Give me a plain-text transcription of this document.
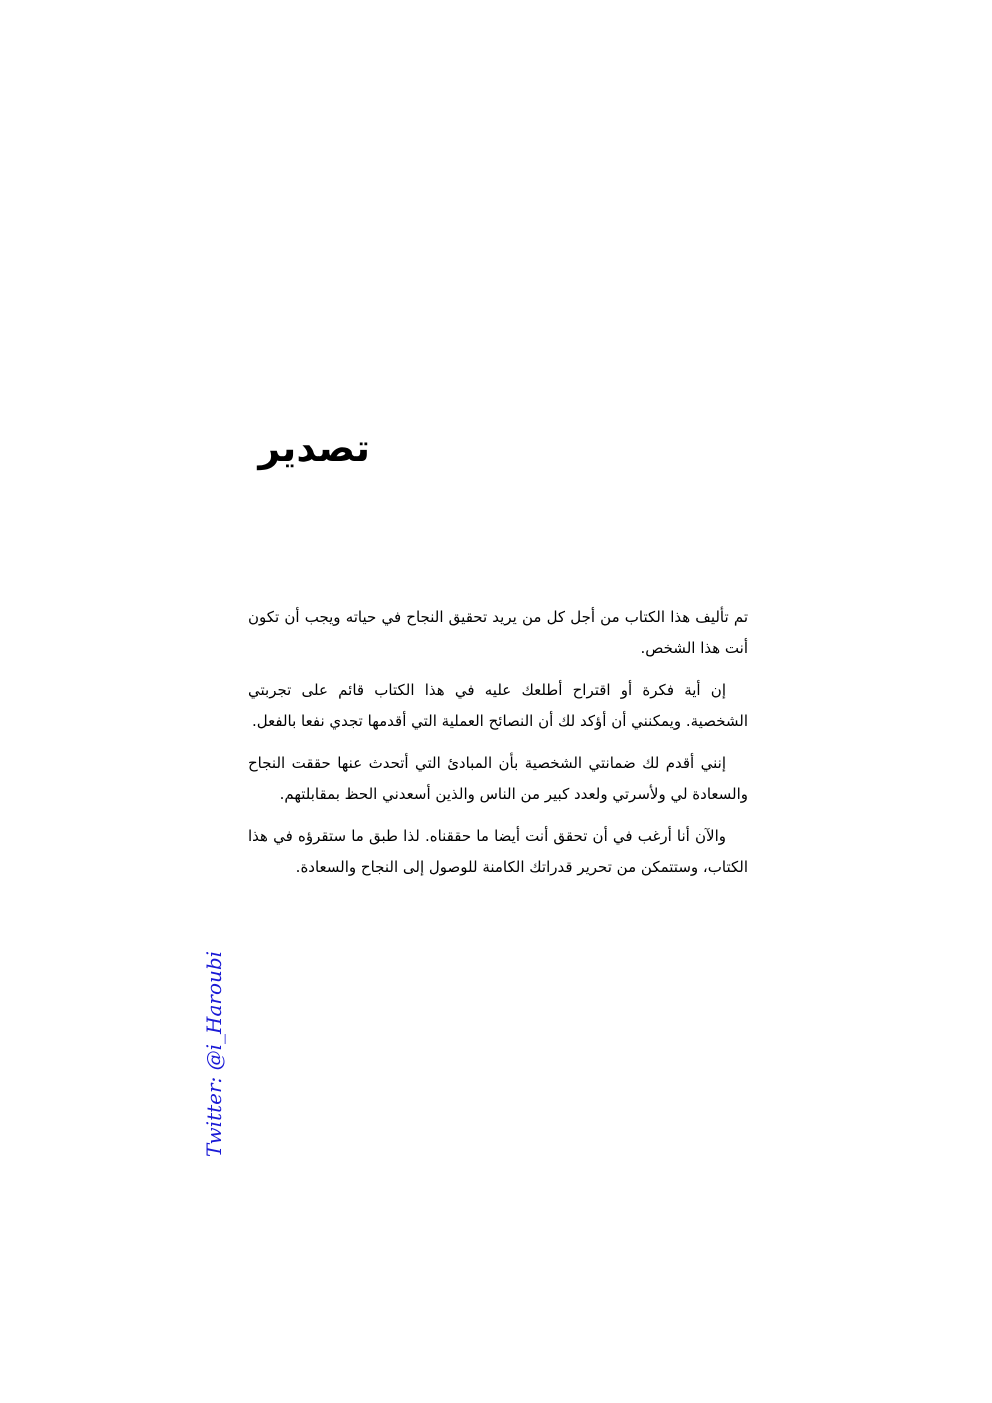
تصدير

تم تأليف هذا الكتاب من أجل كل من يريد تحقيق النجاح في حياته ويجب أن تكون أنت هذا الشخص.

إن أية فكرة أو اقتراح أطلعك عليه في هذا الكتاب قائم على تجربتي الشخصية. ويمكنني أن أؤكد لك أن النصائح العملية التي أقدمها تجدي نفعا بالفعل.

إنني أقدم لك ضمانتي الشخصية بأن المبادئ التي أتحدث عنها حققت النجاح والسعادة لي ولأسرتي ولعدد كبير من الناس والذين أسعدني الحظ بمقابلتهم.

والآن أنا أرغب في أن تحقق أنت أيضا ما حققناه. لذا طبق ما ستقرؤه في هذا الكتاب، وستتمكن من تحرير قدراتك الكامنة للوصول إلى النجاح والسعادة.

Twitter: @i_Haroubi
